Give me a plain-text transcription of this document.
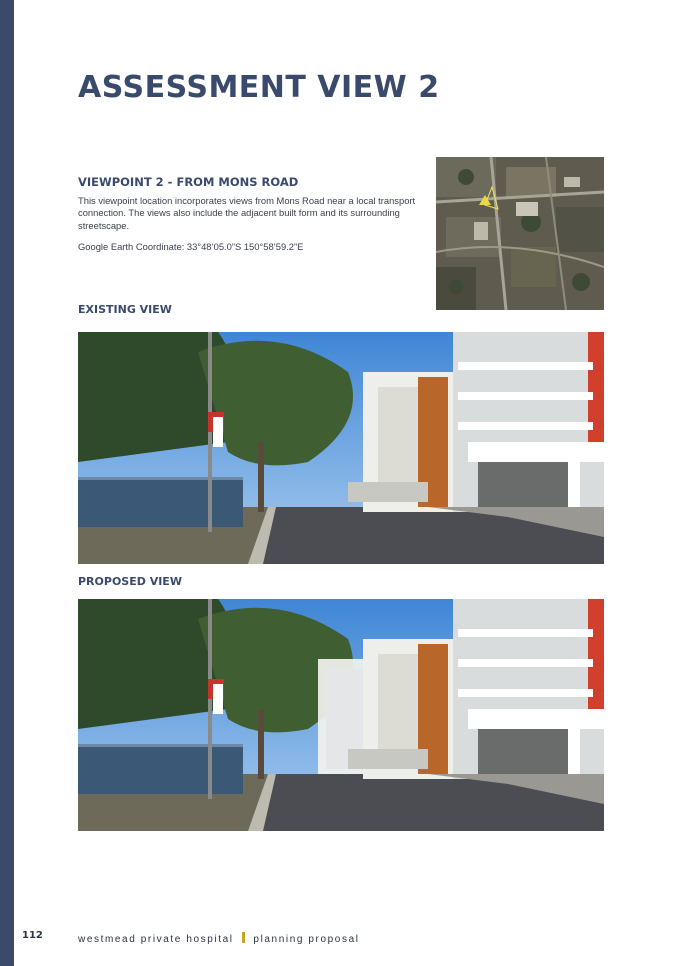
ASSESSMENT VIEW 2
VIEWPOINT 2 - FROM MONS ROAD

This viewpoint location incorporates views from Mons Road near a local transport connection. The views also include the adjacent built form and its surrounding streetscape.

Google Earth Coordinate: 33°48’05.0”S 150°58’59.2”E

EXISTING VIEW
PROPOSED VIEW
112	westmead private hospital planning proposal
